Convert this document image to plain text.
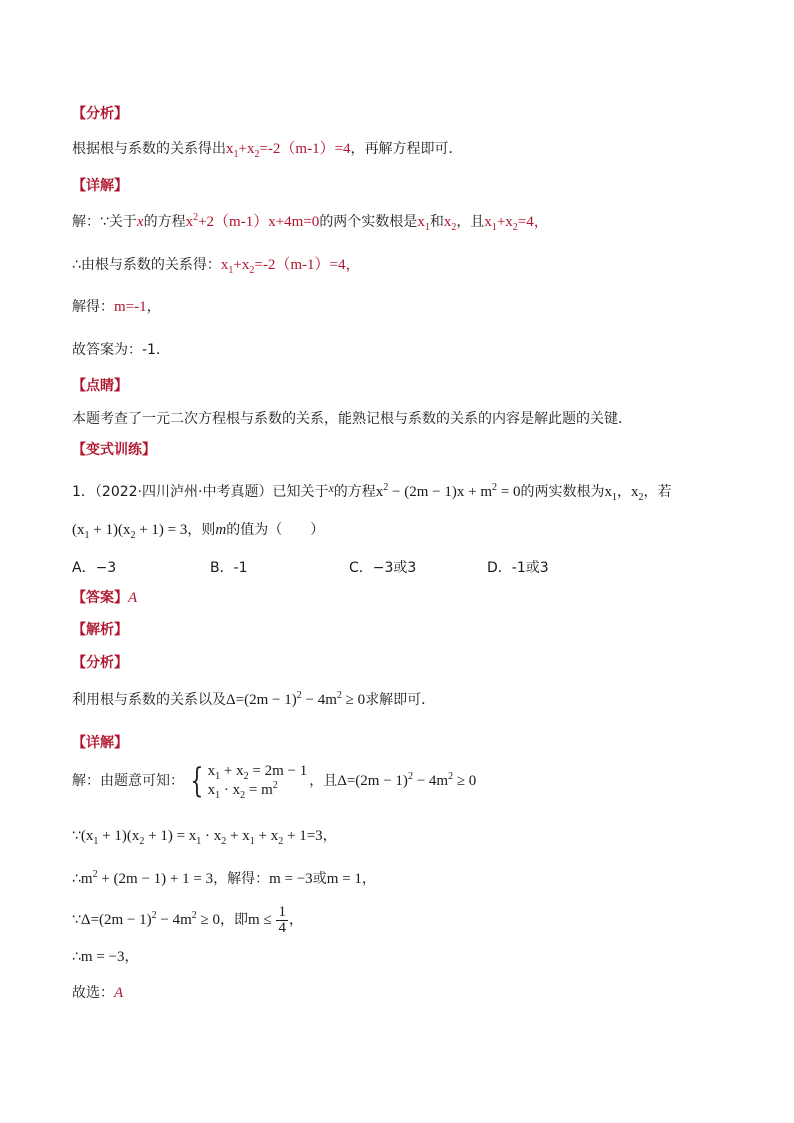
【分析】
根据根与系数的关系得出$x_1+x_2=-2(m-1)=4$，再解方程即可．
【详解】
解：∵关于x的方程$x^2+2(m-1)x+4m=0$的两个实数根是$x_1$和$x_2$，且$x_1+x_2=4$，
∴由根与系数的关系得：$x_1+x_2=-2(m-1)=4$，
解得：m=-1，
故答案为：-1．
【点睛】
本题考查了一元二次方程根与系数的关系，能熟记根与系数的关系的内容是解此题的关键．
【变式训练】
1．（2022·四川泸州·中考真题）已知关于x的方程$x^2 - (2m - 1)x + m^2 = 0$的两实数根为$x_1$，$x_2$，若
$(x_1 + 1)(x_2 + 1) = 3$，则m的值为（　　）
A．−3	B．-1	C．−3或3	D．-1或3
【答案】A
【解析】
【分析】
利用根与系数的关系以及$\Delta=(2m - 1)^2 - 4m^2 \ge 0$求解即可．
【详解】
解：由题意可知： { $x_1 + x_2 = 2m - 1$
$x_1 \cdot x_2 = m^2$	，且$\Delta=(2m - 1)^2 - 4m^2 \ge 0$
$\because(x_1 + 1)(x_2 + 1) = x_1 \cdot x_2 + x_1 + x_2 + 1=3$，
$\therefore m^2 + (2m - 1) + 1 = 3$，解得：m = −3或m = 1，
∵Δ=(2m − $1)^2 - 4m^2 \ge 0$，即$m \le \frac{1}{4}$ ，
∴m = −3，
故选：A
